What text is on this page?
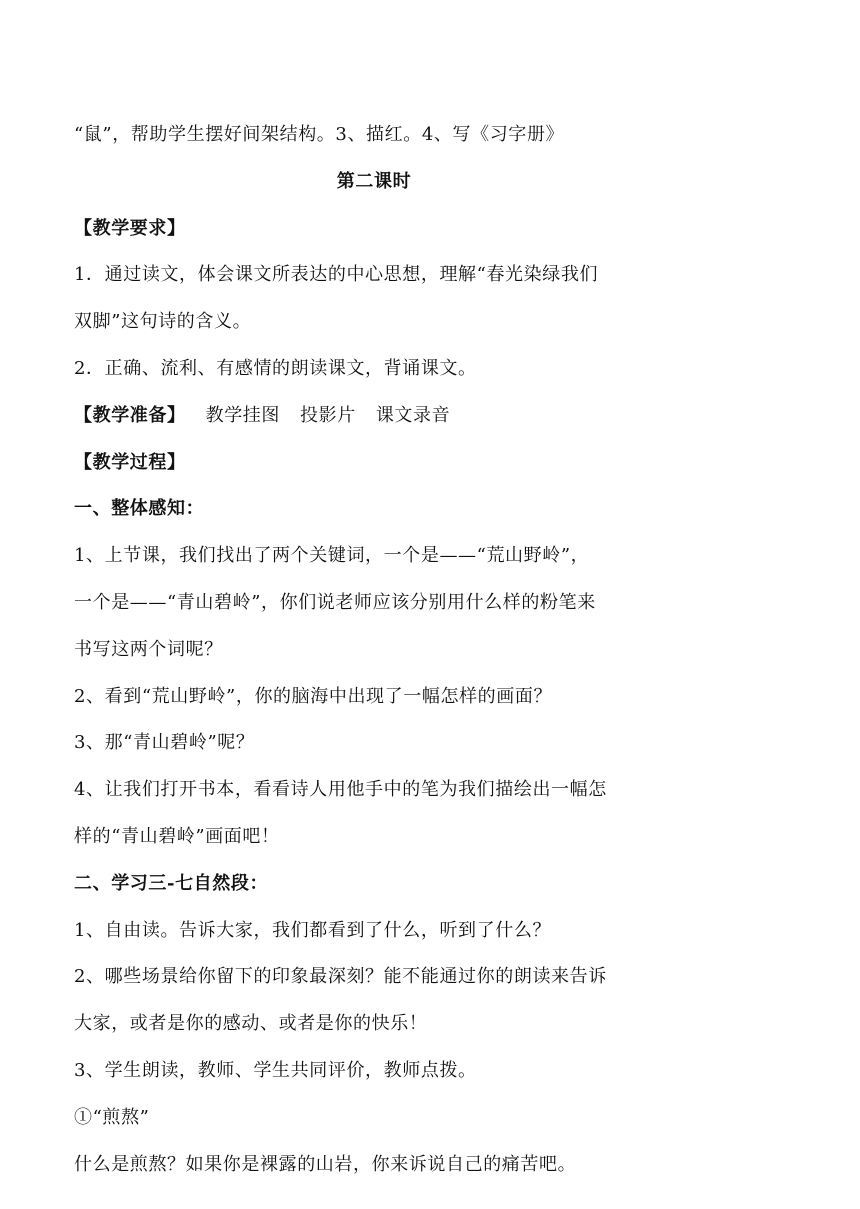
“鼠”，帮助学生摆好间架结构。3、描红。4、写《习字册》
第二课时
【教学要求】
1．通过读文，体会课文所表达的中心思想，理解“春光染绿我们
双脚”这句诗的含义。
2．正确、流利、有感情的朗读课文，背诵课文。
【教学准备】 教学挂图 投影片 课文录音
【教学过程】
一、整体感知：
1、上节课，我们找出了两个关键词，一个是——“荒山野岭”，
一个是——“青山碧岭”，你们说老师应该分别用什么样的粉笔来
书写这两个词呢？
2、看到“荒山野岭”，你的脑海中出现了一幅怎样的画面？
3、那“青山碧岭”呢？
4、让我们打开书本，看看诗人用他手中的笔为我们描绘出一幅怎
样的“青山碧岭”画面吧！
二、学习三-七自然段：
1、自由读。告诉大家，我们都看到了什么，听到了什么？
2、哪些场景给你留下的印象最深刻？能不能通过你的朗读来告诉
大家，或者是你的感动、或者是你的快乐！
3、学生朗读，教师、学生共同评价，教师点拨。
①“煎熬”
什么是煎熬？如果你是裸露的山岩，你来诉说自己的痛苦吧。
